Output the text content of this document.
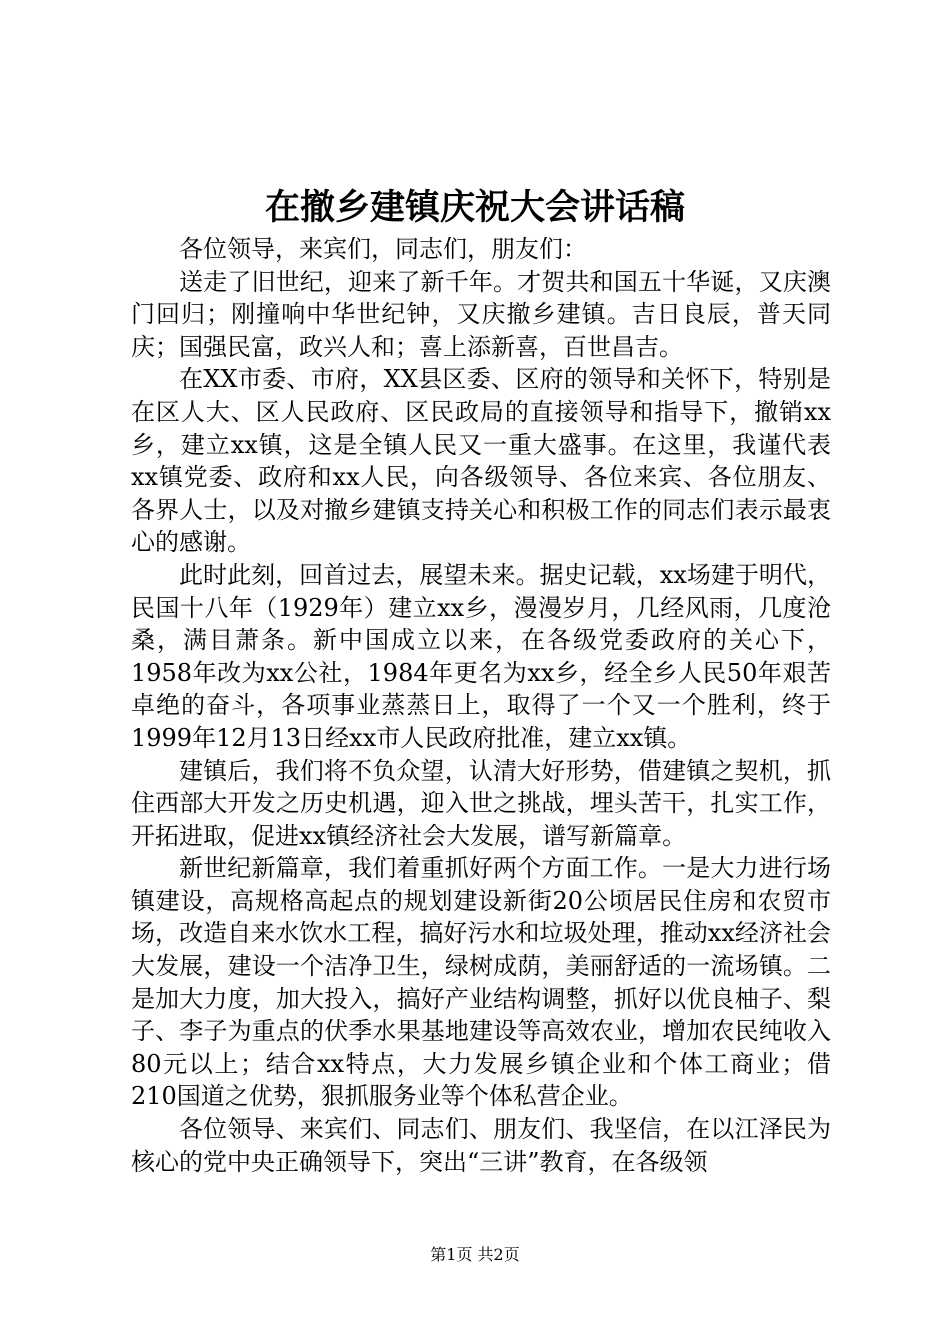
在撤乡建镇庆祝大会讲话稿

各位领导，来宾们，同志们，朋友们：

送走了旧世纪，迎来了新千年。才贺共和国五十华诞，又庆澳门回归；刚撞响中华世纪钟，又庆撤乡建镇。吉日良辰，普天同庆；国强民富，政兴人和；喜上添新喜，百世昌吉。

在XX市委、市府，XX县区委、区府的领导和关怀下，特别是在区人大、区人民政府、区民政局的直接领导和指导下，撤销xx乡，建立xx镇，这是全镇人民又一重大盛事。在这里，我谨代表xx镇党委、政府和xx人民，向各级领导、各位来宾、各位朋友、各界人士，以及对撤乡建镇支持关心和积极工作的同志们表示最衷心的感谢。

此时此刻，回首过去，展望未来。据史记载，xx场建于明代，民国十八年（1929年）建立xx乡，漫漫岁月，几经风雨，几度沧桑，满目萧条。新中国成立以来，在各级党委政府的关心下，1958年改为xx公社，1984年更名为xx乡，经全乡人民50年艰苦卓绝的奋斗，各项事业蒸蒸日上，取得了一个又一个胜利，终于1999年12月13日经xx市人民政府批准，建立xx镇。

建镇后，我们将不负众望，认清大好形势，借建镇之契机，抓住西部大开发之历史机遇，迎入世之挑战，埋头苦干，扎实工作，开拓进取，促进xx镇经济社会大发展，谱写新篇章。

新世纪新篇章，我们着重抓好两个方面工作。一是大力进行场镇建设，高规格高起点的规划建设新街20公顷居民住房和农贸市场，改造自来水饮水工程，搞好污水和垃圾处理，推动xx经济社会大发展，建设一个洁净卫生，绿树成荫，美丽舒适的一流场镇。二是加大力度，加大投入，搞好产业结构调整，抓好以优良柚子、梨子、李子为重点的伏季水果基地建设等高效农业，增加农民纯收入80元以上；结合xx特点，大力发展乡镇企业和个体工商业；借210国道之优势，狠抓服务业等个体私营企业。

各位领导、来宾们、同志们、朋友们、我坚信，在以江泽民为核心的党中央正确领导下，突出“三讲”教育，在各级领

第1页 共2页
